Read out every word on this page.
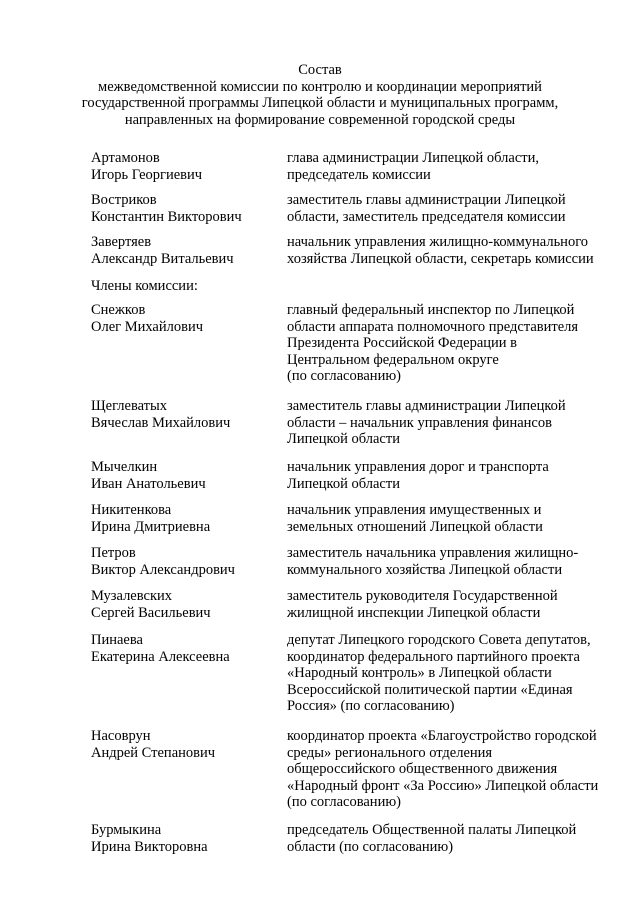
Состав
межведомственной комиссии по контролю и координации мероприятий
государственной программы Липецкой области и муниципальных программ,
направленных на формирование современной городской среды
Артамонов
Игорь Георгиевич
глава администрации Липецкой области,
председатель комиссии
Востриков
Константин Викторович
заместитель главы администрации Липецкой
области, заместитель председателя комиссии
Завертяев
Александр Витальевич
начальник управления жилищно-коммунального
хозяйства Липецкой области, секретарь комиссии
Члены комиссии:
Снежков
Олег Михайлович
главный федеральный инспектор по Липецкой
области аппарата полномочного представителя
Президента Российской Федерации в
Центральном федеральном округе
(по согласованию)
Щеглеватых
Вячеслав Михайлович
заместитель главы администрации Липецкой
области – начальник управления финансов
Липецкой области
Мычелкин
Иван Анатольевич
начальник управления дорог и транспорта
Липецкой области
Никитенкова
Ирина Дмитриевна
начальник управления имущественных и
земельных отношений Липецкой области
Петров
Виктор Александрович
заместитель начальника управления жилищно-
коммунального хозяйства Липецкой области
Музалевских
Сергей Васильевич
заместитель руководителя Государственной
жилищной инспекции Липецкой области
Пинаева
Екатерина Алексеевна
депутат Липецкого городского Совета депутатов,
координатор федерального партийного проекта
«Народный контроль» в Липецкой области
Всероссийской политической партии «Единая
Россия» (по согласованию)
Насоврун
Андрей Степанович
координатор проекта «Благоустройство городской
среды» регионального отделения
общероссийского общественного движения
«Народный фронт «За Россию» Липецкой области
(по согласованию)
Бурмыкина
Ирина Викторовна
председатель Общественной палаты Липецкой
области (по согласованию)
